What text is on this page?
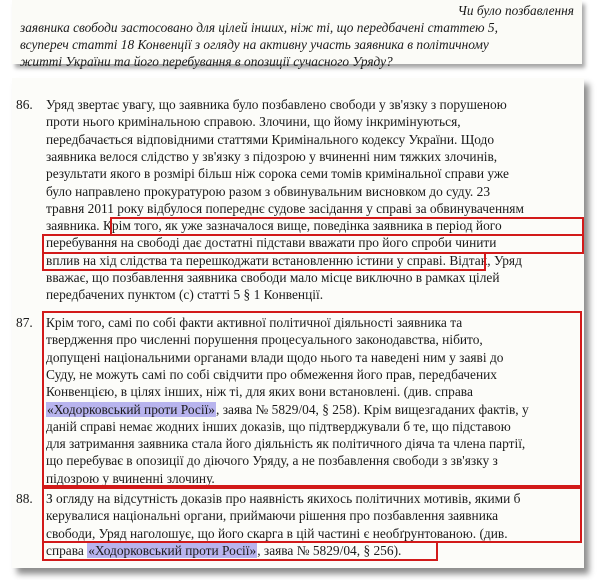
Чи було позбавлення
заявника свободи застосовано для цілей інших, ніж ті, що передбачені статтею 5,
всупереч статті 18 Конвенції з огляду на активну участь заявника в політичному
житті України та його перебування в опозиції сучасного Уряду?
86. Уряд звертає увагу, що заявника було позбавлено свободи у зв'язку з порушеною
проти нього кримінальною справою. Злочини, що йому інкримінуються,
передбачається відповідними статтями Кримінального кодексу України. Щодо
заявника велося слідство у зв'язку з підозрою у вчиненні ним тяжких злочинів,
результати якого в розмірі більш ніж сорока семи томів кримінальної справи уже
було направлено прокуратурою разом з обвинувальним висновком до суду. 23
травня 2011 року відбулося попереднє судове засідання у справі за обвинуваченням
заявника. Крім того, як уже зазначалося вище, поведінка заявника в період його
перебування на свободі дає достатні підстави вважати про його спроби чинити
вплив на хід слідства та перешкоджати встановленню істини у справі. Відтак, Уряд
вважає, що позбавлення заявника свободи мало місце виключно в рамках цілей
передбачених пунктом (c) статті 5 § 1 Конвенції.
87. Крім того, самі по собі факти активної політичної діяльності заявника та
твердження про численні порушення процесуального законодавства, нібито,
допущені національними органами влади щодо нього та наведені ним у заяві до
Суду, не можуть самі по собі свідчити про обмеження його прав, передбачених
Конвенцією, в цілях інших, ніж ті, для яких вони встановлені. (див. справа
«Ходорковський проти Росії», заява № 5829/04, § 258). Крім вищезгаданих фактів, у
даній справі немає жодних інших доказів, що підтверджували б те, що підставою
для затримання заявника стала його діяльність як політичного діяча та члена партії,
що перебуває в опозиції до діючого Уряду, а не позбавлення свободи з зв'язку з
підозрою у вчиненні злочину.
88. З огляду на відсутність доказів про наявність якихось політичних мотивів, якими б
керувалися національні органи, приймаючи рішення про позбавлення заявника
свободи, Уряд наголошує, що його скарга в цій частині є необґрунтованою. (див.
справа «Ходорковський проти Росії», заява № 5829/04, § 256).
